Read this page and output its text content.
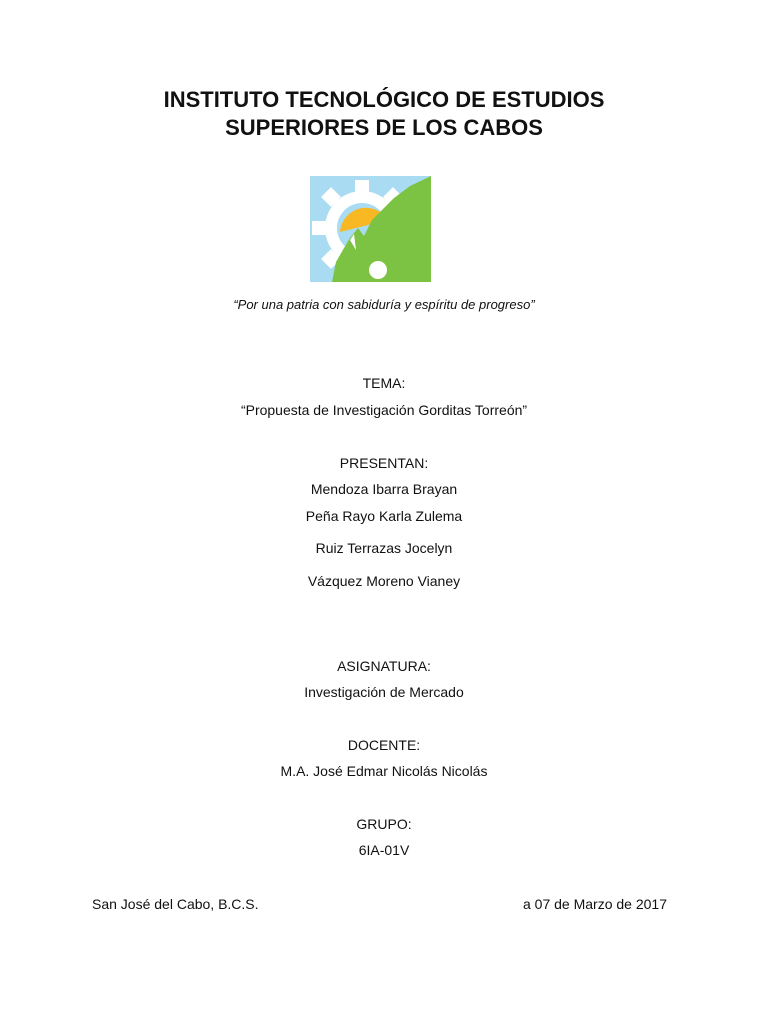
INSTITUTO TECNOLÓGICO DE ESTUDIOS
SUPERIORES DE LOS CABOS
“Por una patria con sabiduría y espíritu de progreso”
TEMA:
“Propuesta de Investigación Gorditas Torreón”
PRESENTAN:
Mendoza Ibarra Brayan
Peña Rayo Karla Zulema
Ruiz Terrazas Jocelyn
Vázquez Moreno Vianey
ASIGNATURA:
Investigación de Mercado
DOCENTE:
M.A. José Edmar Nicolás Nicolás
GRUPO:
6IA-01V
San José del Cabo, B.C.S.	a 07 de Marzo de 2017
